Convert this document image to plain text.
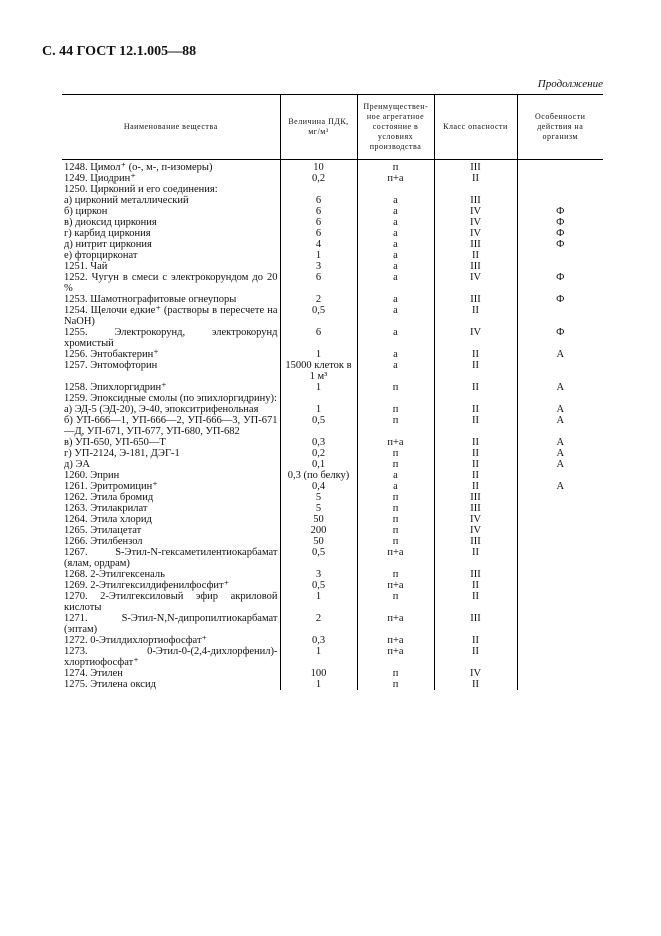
С. 44 ГОСТ 12.1.005—88
Продолжение
Наименование вещества	Величина ПДК, мг/м³	Преимущественное агрегатное состояние в условиях производства	Класс опасности	Особенности действия на организм

1248. Цимол⁺ (о-, м-, п-изомеры)	10	п	III	
1249. Циодрин⁺	0,2	п+а	II	
1250. Цирконий и его соединения:				
а) цирконий металлический	6	а	III	
б) циркон	6	а	IV	Ф
в) диоксид циркония	6	а	IV	Ф
г) карбид циркония	6	а	IV	Ф
д) нитрит циркония	4	а	III	Ф
е) фторцирконат	1	а	II	
1251. Чай	3	а	III	
1252. Чугун в смеси с электрокорундом до 20 %	6	а	IV	Ф
1253. Шамотнографитовые огнеупоры	2	а	III	Ф
1254. Щелочи едкие⁺ (растворы в пересчете на NaOH)	0,5	а	II	
1255. Электрокорунд, электрокорунд хромистый	6	а	IV	Ф
1256. Энтобактерин⁺	1	а	II	А
1257. Энтомофторин	15000 клеток в 1 м³	а	II	
1258. Эпихлоргидрин⁺	1	п	II	А
1259. Эпоксидные смолы (по эпихлоргидрину):				
а) ЭД-5 (ЭД-20), Э-40, эпокситрифенольная	1	п	II	А
б) УП-666—1, УП-666—2, УП-666—3, УП-671—Д, УП-671, УП-677, УП-680, УП-682	0,5	п	II	А
в) УП-650, УП-650—Т	0,3	п+а	II	А
г) УП-2124, Э-181, ДЭГ-1	0,2	п	II	А
д) ЭА	0,1	п	II	А
1260. Эприн	0,3 (по белку)	а	II	
1261. Эритромицин⁺	0,4	а	II	А
1262. Этила бромид	5	п	III	
1263. Этилакрилат	5	п	III	
1264. Этила хлорид	50	п	IV	
1265. Этилацетат	200	п	IV	
1266. Этилбензол	50	п	III	
1267. S-Этил-N-гексаметилентиокарбамат (ялам, ордрам)	0,5	п+а	II	
1268. 2-Этилгексеналь	3	п	III	
1269. 2-Этилгексилдифенилфосфит⁺	0,5	п+а	II	
1270. 2-Этилгексиловый эфир акриловой кислоты	1	п	II	
1271. S-Этил-N,N-дипропилтиокарбамат (эптам)	2	п+а	III	
1272. 0-Этилдихлортиофосфат⁺	0,3	п+а	II	
1273. 0-Этил-0-(2,4-дихлорфенил)-хлортиофосфат⁺	1	п+а	II	
1274. Этилен	100	п	IV	
1275. Этилена оксид	1	п	II	
